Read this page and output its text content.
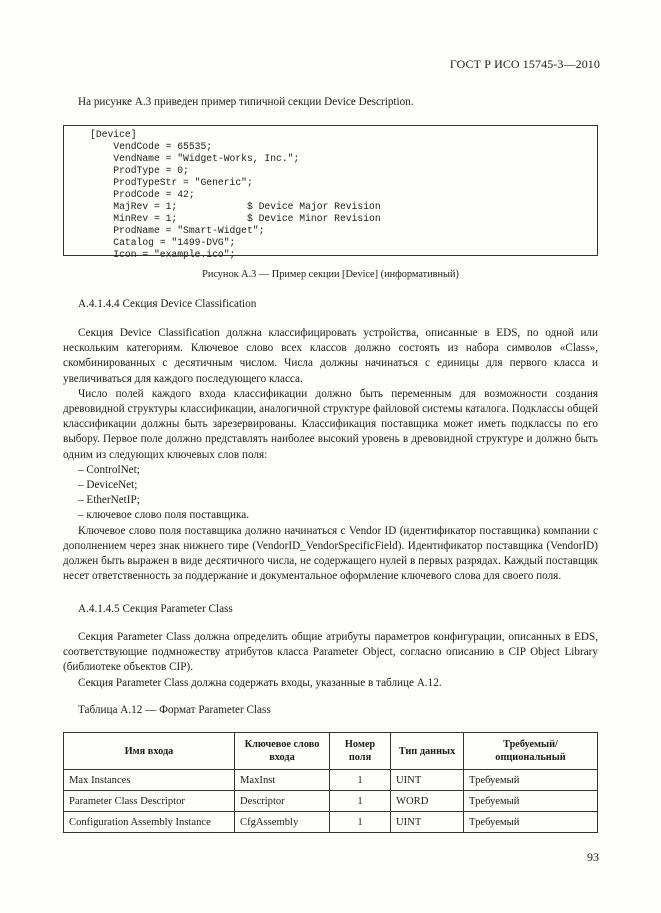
ГОСТ Р ИСО 15745-3—2010
На рисунке А.3 приведен пример типичной секции Device Description.
[Device]
VendCode = 65535;
VendName = "Widget-Works, Inc.";
ProdType = 0;
ProdTypeStr = "Generic";
ProdCode = 42;
MajRev = 1;            $ Device Major Revision
MinRev = 1;            $ Device Minor Revision
ProdName = "Smart-Widget";
Catalog = "1499-DVG";
Icon = "example.ico";
Рисунок А.3 — Пример секции [Device] (информативный)
А.4.1.4.4 Секция Device Classification

Секция Device Classification должна классифицировать устройства, описанные в EDS, по одной или нескольким категориям. Ключевое слово всех классов должно состоять из набора символов «Class», скомбинированных с десятичным числом. Числа должны начинаться с единицы для первого класса и увеличиваться для каждого последующего класса.

Число полей каждого входа классификации должно быть переменным для возможности создания древовидной структуры классификации, аналогичной структуре файловой системы каталога. Подклассы общей классификации должны быть зарезервированы. Классификация поставщика может иметь подклассы по его выбору. Первое поле должно представлять наиболее высокий уровень в древовидной структуре и должно быть одним из следующих ключевых слов поля:

– ControlNet;

– DeviceNet;

– EtherNetIP;

– ключевое слово поля поставщика.

Ключевое слово поля поставщика должно начинаться с Vendor ID (идентификатор поставщика) компании с дополнением через знак нижнего тире (VendorID_VendorSpecificField). Идентификатор поставщика (VendorID) должен быть выражен в виде десятичного числа, не содержащего нулей в первых разрядах. Каждый поставщик несет ответственность за поддержание и документальное оформление ключевого слова для своего поля.

А.4.1.4.5 Секция Parameter Class

Секция Parameter Class должна определить общие атрибуты параметров конфигурации, описанных в EDS, соответствующие подмножеству атрибутов класса Parameter Object, согласно описанию в CIP Object Library (библиотеке объектов CIP).

Секция Parameter Class должна содержать входы, указанные в таблице А.12.

Таблица А.12 — Формат Parameter Class
Имя входа	Ключевое слово входа	Номер поля	Тип данных	Требуемый/ опциональный
Max Instances	MaxInst	1	UINT	Требуемый
Parameter Class Descriptor	Descriptor	1	WORD	Требуемый
Configuration Assembly Instance	CfgAssembly	1	UINT	Требуемый
93
